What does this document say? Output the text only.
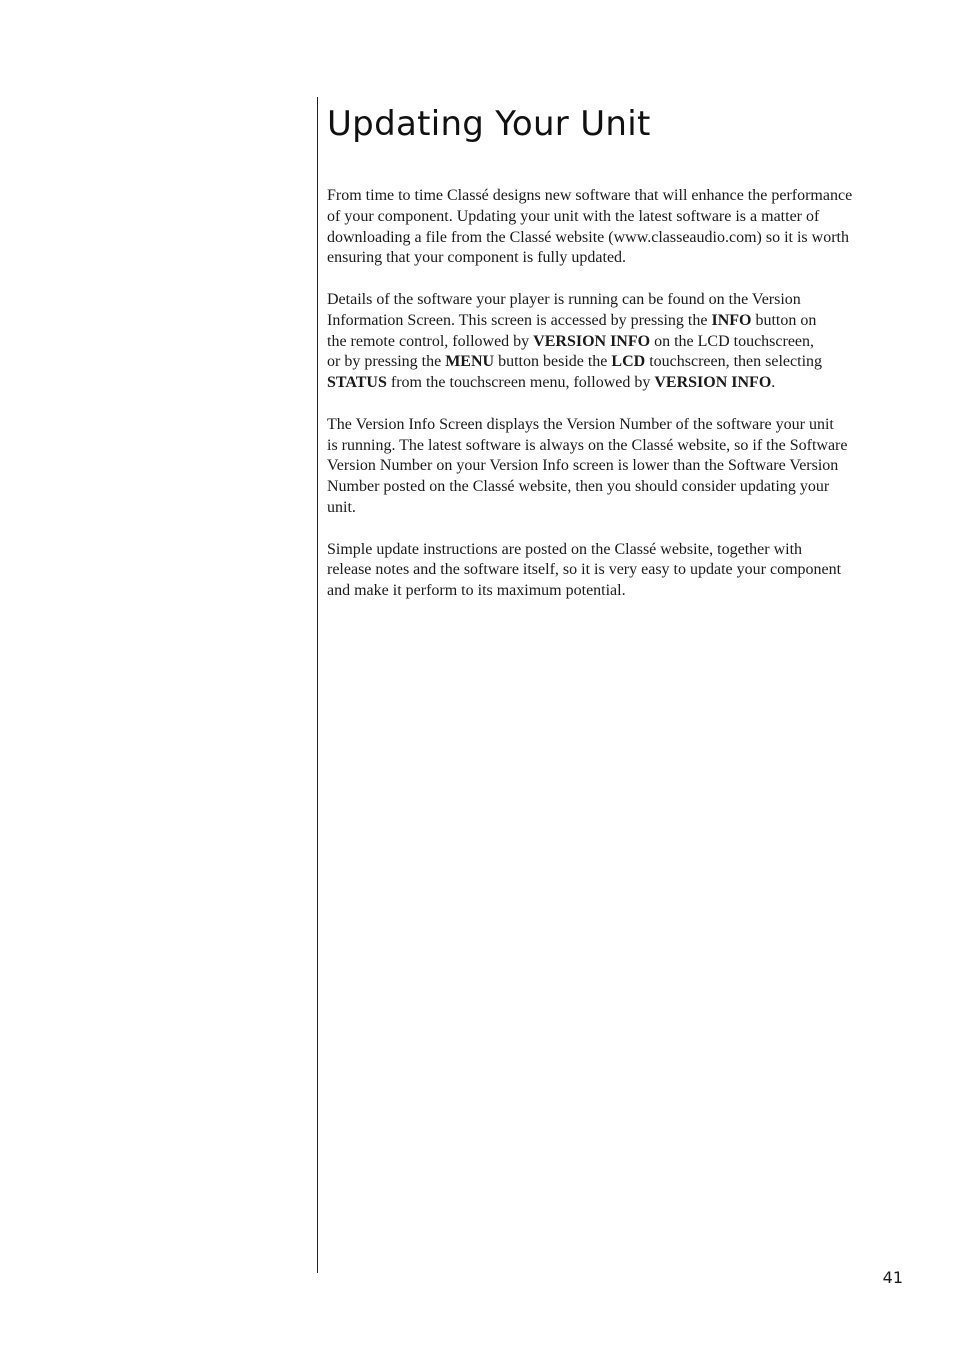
Updating Your Unit

From time to time Classé designs new software that will enhance the performance
of your component. Updating your unit with the latest software is a matter of
downloading a file from the Classé website (www.classeaudio.com) so it is worth
ensuring that your component is fully updated.

Details of the software your player is running can be found on the Version
Information Screen. This screen is accessed by pressing the INFO button on
the remote control, followed by VERSION INFO on the LCD touchscreen,
or by pressing the MENU button beside the LCD touchscreen, then selecting
STATUS from the touchscreen menu, followed by VERSION INFO.

The Version Info Screen displays the Version Number of the software your unit
is running. The latest software is always on the Classé website, so if the Software
Version Number on your Version Info screen is lower than the Software Version
Number posted on the Classé website, then you should consider updating your
unit.

Simple update instructions are posted on the Classé website, together with
release notes and the software itself, so it is very easy to update your component
and make it perform to its maximum potential.

41
